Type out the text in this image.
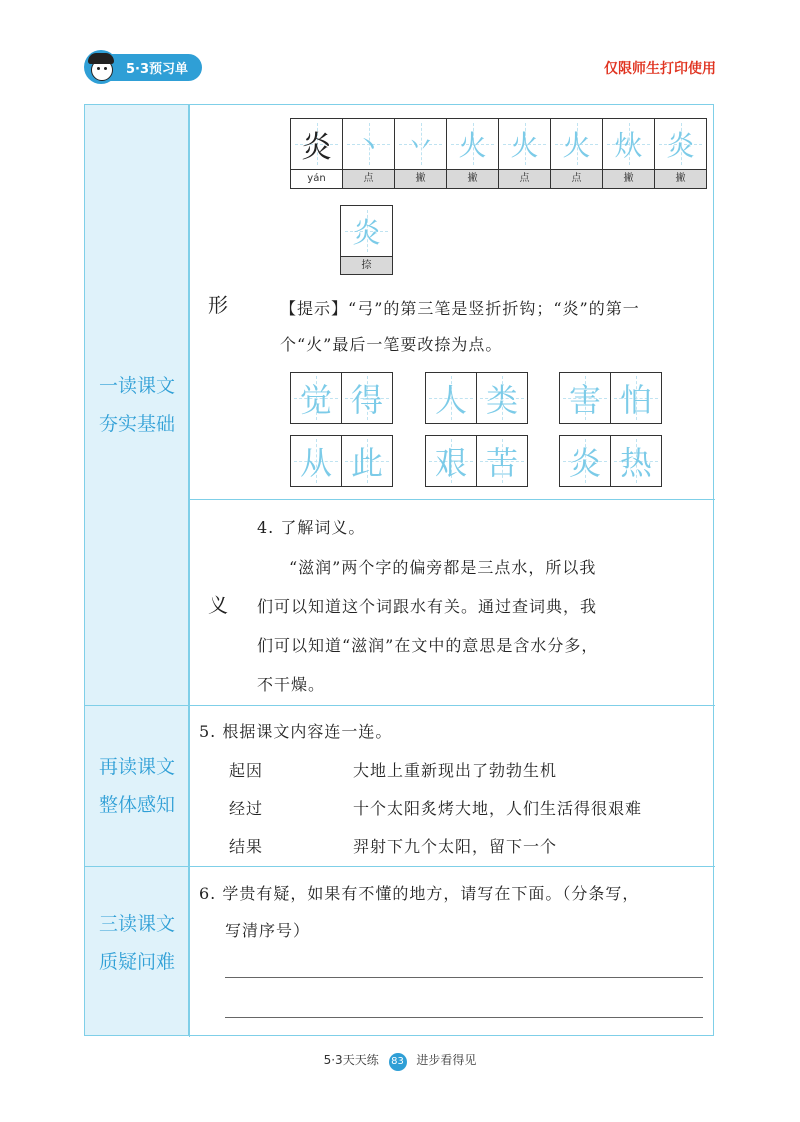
5·3预习单	仅限师生打印使用
一读课文
夯实基础
再读课文
整体感知
三读课文
质疑问难
形
义
炎
yán
丶
点
丷
撇
火
撇
火
点
火
点
炏
撇
炎
撇
炎
捺
【提示】“弓”的第三笔是竖折折钩；“炎”的第一个“火”最后一笔要改捺为点。
觉 得 人 类 害 怕
从 此 艰 苦 炎 热
4. 了解词义。
“滋润”两个字的偏旁都是三点水，所以我
们可以知道这个词跟水有关。通过查词典，我
们可以知道“滋润”在文中的意思是含水分多，
不干燥。
5. 根据课文内容连一连。
起因
经过
结果
大地上重新现出了勃勃生机
十个太阳炙烤大地，人们生活得很艰难
羿射下九个太阳，留下一个
6. 学贵有疑，如果有不懂的地方，请写在下面。（分条写，
写清序号）
5·3天天练 83 进步看得见
